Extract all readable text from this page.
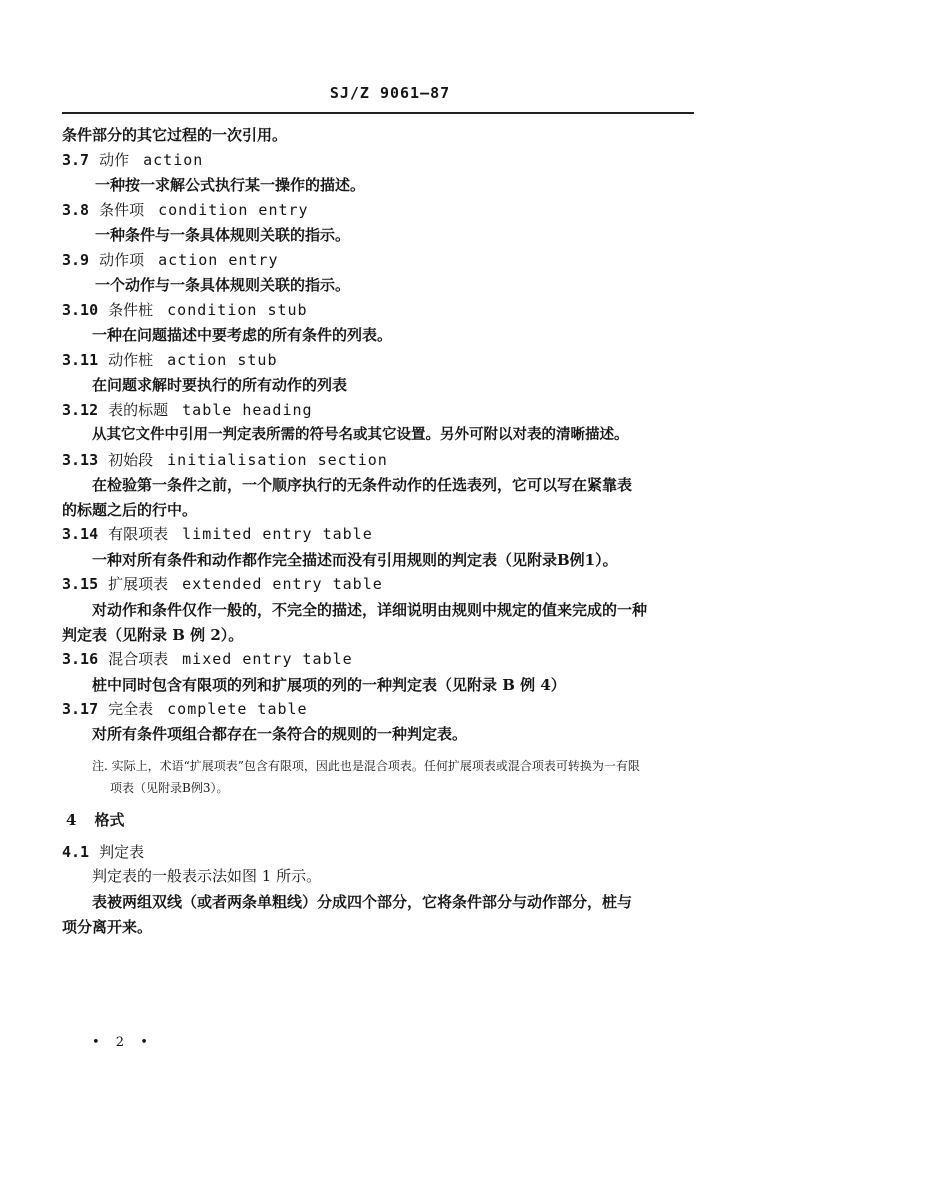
SJ/Z 9061—87
条件部分的其它过程的一次引用。
3.7 动作 action
一种按一求解公式执行某一操作的描述。
3.8 条件项 condition entry
一种条件与一条具体规则关联的指示。
3.9 动作项 action entry
一个动作与一条具体规则关联的指示。
3.10 条件桩 condition stub
一种在问题描述中要考虑的所有条件的列表。
3.11 动作桩 action stub
在问题求解时要执行的所有动作的列表
3.12 表的标题 table heading
从其它文件中引用一判定表所需的符号名或其它设置。另外可附以对表的清晰描述。
3.13 初始段 initialisation section
在检验第一条件之前，一个顺序执行的无条件动作的任选表列，它可以写在紧靠表
的标题之后的行中。
3.14 有限项表 limited entry table
一种对所有条件和动作都作完全描述而没有引用规则的判定表（见附录B例1）。
3.15 扩展项表 extended entry table
对动作和条件仅作一般的，不完全的描述，详细说明由规则中规定的值来完成的一种
判定表（见附录 B 例 2）。
3.16 混合项表 mixed entry table
桩中同时包含有限项的列和扩展项的列的一种判定表（见附录 B 例 4）
3.17 完全表 complete table
对所有条件项组合都存在一条符合的规则的一种判定表。
注. 实际上，术语“扩展项表”包含有限项，因此也是混合项表。任何扩展项表或混合项表可转换为一有限
项表（见附录B例3）。
4 格式
4.1 判定表
判定表的一般表示法如图 1 所示。
表被两组双线（或者两条单粗线）分成四个部分，它将条件部分与动作部分，桩与
项分离开来。
• 2 •
